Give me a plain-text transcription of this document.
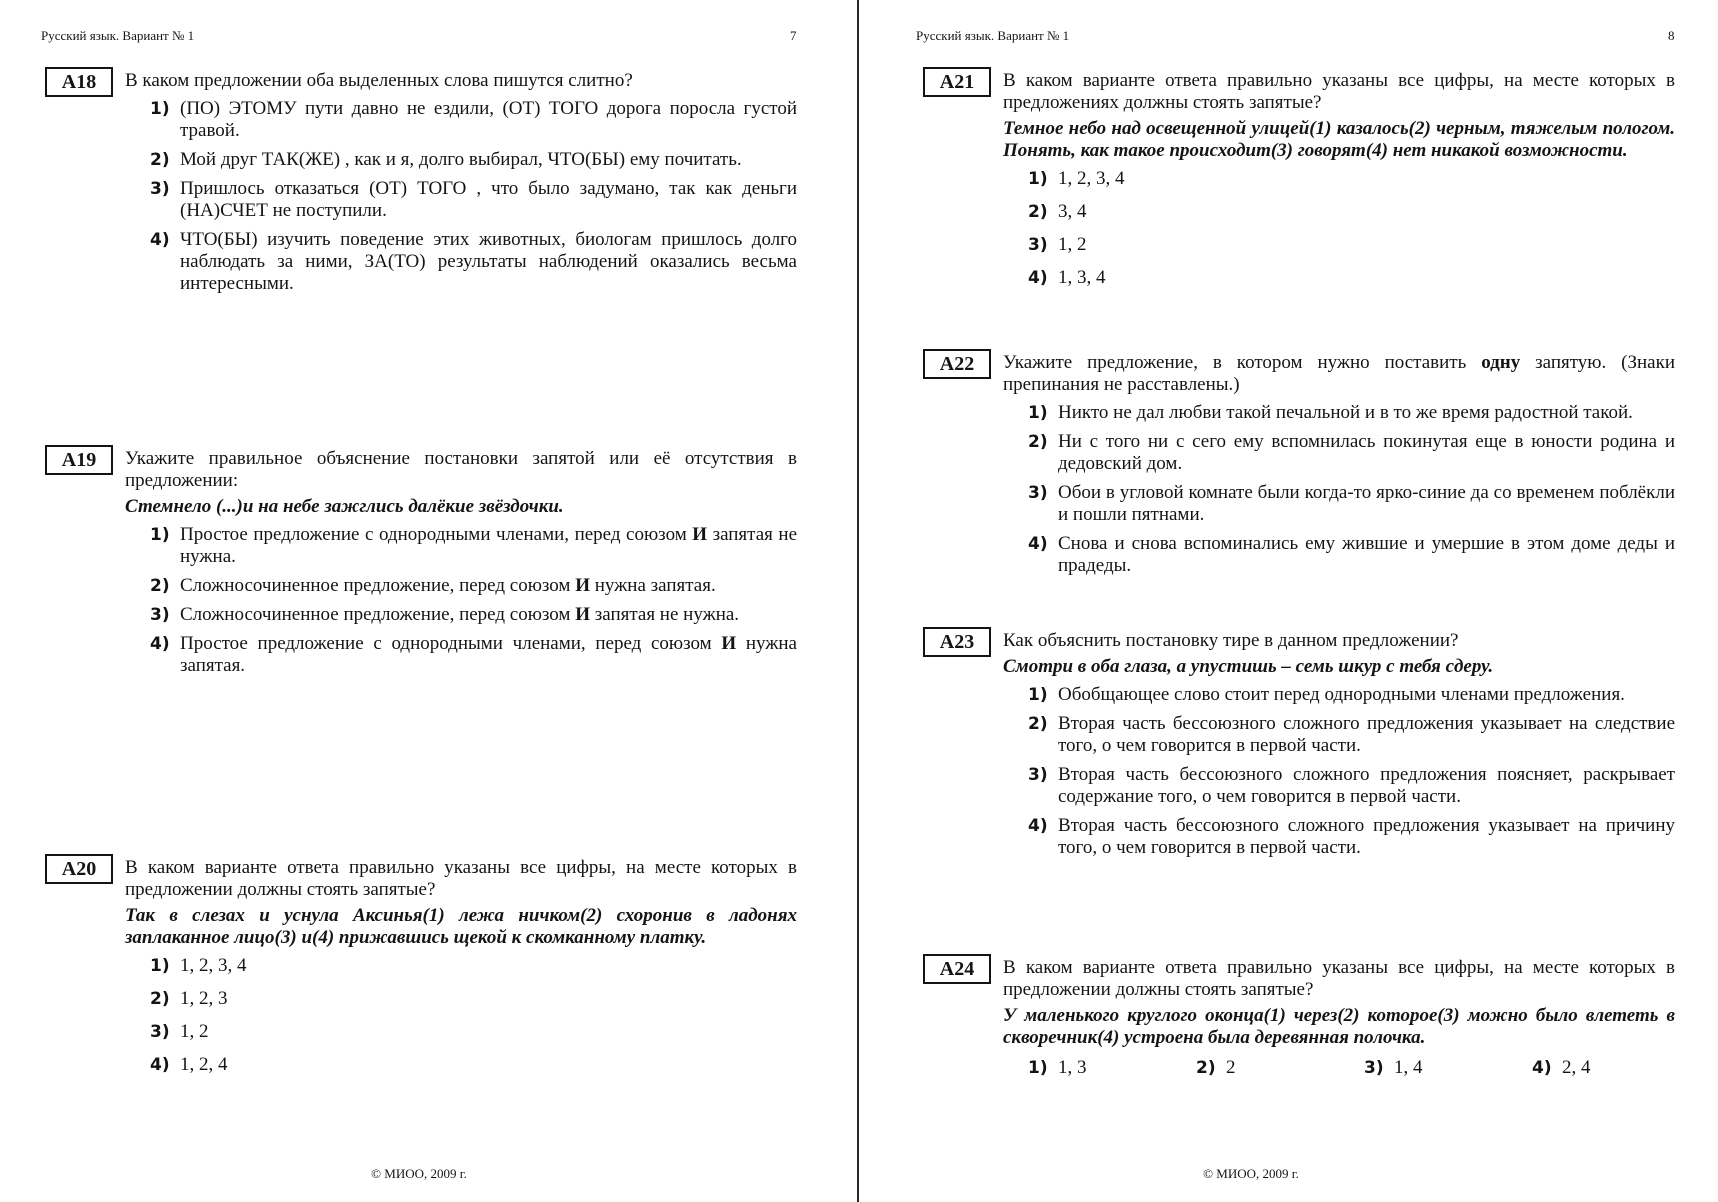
Русский язык. Вариант № 1	7
A18	В каком предложении оба выделенных слова пишутся слитно?
1) (ПО) ЭТОМУ пути давно не ездили, (ОТ) ТОГО дорога поросла густой травой.
2) Мой друг ТАК(ЖЕ) , как и я, долго выбирал, ЧТО(БЫ) ему почитать.
3) Пришлось отказаться (ОТ) ТОГО , что было задумано, так как деньги (НА)СЧЕТ не поступили.
4) ЧТО(БЫ) изучить поведение этих животных, биологам пришлось долго наблюдать за ними, ЗА(ТО) результаты наблюдений оказались весьма интересными.
A19	Укажите правильное объяснение постановки запятой или её отсутствия в предложении:
Стемнело (...)и на небе зажглись далёкие звёздочки.
1) Простое предложение с однородными членами, перед союзом И запятая не нужна.
2) Сложносочиненное предложение, перед союзом И нужна запятая.
3) Сложносочиненное предложение, перед союзом И запятая не нужна.
4) Простое предложение с однородными членами, перед союзом И нужна запятая.
A20	В каком варианте ответа правильно указаны все цифры, на месте которых в предложении должны стоять запятые?
Так в слезах и уснула Аксинья(1) лежа ничком(2) схоронив в ладонях заплаканное лицо(3) и(4) прижавшись щекой к скомканному платку.
1) 1, 2, 3, 4
2) 1, 2, 3
3) 1, 2
4) 1, 2, 4
© МИОО, 2009 г.
Русский язык. Вариант № 1	8
A21	В каком варианте ответа правильно указаны все цифры, на месте которых в предложениях должны стоять запятые?
Темное небо над освещенной улицей(1) казалось(2) черным, тяжелым пологом. Понять, как такое происходит(3) говорят(4) нет никакой возможности.
1) 1, 2, 3, 4
2) 3, 4
3) 1, 2
4) 1, 3, 4
A22	Укажите предложение, в котором нужно поставить одну запятую. (Знаки препинания не расставлены.)
1) Никто не дал любви такой печальной и в то же время радостной такой.
2) Ни с того ни с сего ему вспомнилась покинутая еще в юности родина и дедовский дом.
3) Обои в угловой комнате были когда-то ярко-синие да со временем поблёкли и пошли пятнами.
4) Снова и снова вспоминались ему жившие и умершие в этом доме деды и прадеды.
A23	Как объяснить постановку тире в данном предложении?
Смотри в оба глаза, а упустишь – семь шкур с тебя сдеру.
1) Обобщающее слово стоит перед однородными членами предложения.
2) Вторая часть бессоюзного сложного предложения указывает на следствие того, о чем говорится в первой части.
3) Вторая часть бессоюзного сложного предложения поясняет, раскрывает содержание того, о чем говорится в первой части.
4) Вторая часть бессоюзного сложного предложения указывает на причину того, о чем говорится в первой части.
A24	В каком варианте ответа правильно указаны все цифры, на месте которых в предложении должны стоять запятые?
У маленького круглого оконца(1) через(2) которое(3) можно было влететь в скворечник(4) устроена была деревянная полочка.
1) 1, 3	2) 2	3) 1, 4	4) 2, 4
© МИОО, 2009 г.
